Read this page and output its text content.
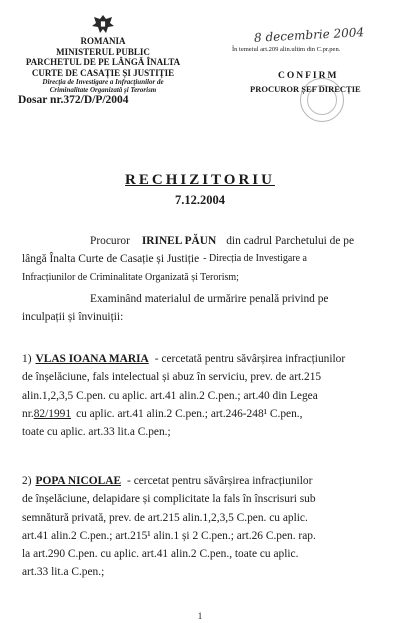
ROMANIA
MINISTERUL PUBLIC
PARCHETUL DE PE LÂNGĂ ÎNALTA
CURTE DE CASAȚIE ȘI JUSTIȚIE
Direcția de Investigare a Infracțiunilor de
Criminalitate Organizată și Terorism
Dosar nr.372/D/P/2004
8 decembrie 2004
În temeiul art.209 alin.ultim din C.pr.pen.
CONFIRM
PROCUROR ȘEF DIRECȚIE
RECHIZITORIU
7.12.2004
Procuror IRINEL PĂUN din cadrul Parchetului de pe
lângă Înalta Curte de Casație și Justiție - Direcția de Investigare a
Infracțiunilor de Criminalitate Organizată și Terorism;
Examinând materialul de urmărire penală privind pe
inculpații și învinuiții:
1) VLAS IOANA MARIA - cercetată pentru săvârșirea infracțiunilor
de înșelăciune, fals intelectual și abuz în serviciu, prev. de art.215
alin.1,2,3,5 C.pen. cu aplic. art.41 alin.2 C.pen.; art.40 din Legea
nr. 82/1991 cu aplic. art.41 alin.2 C.pen.; art.246-248¹ C.pen.,
toate cu aplic. art.33 lit.a C.pen.;
2) POPA NICOLAE - cercetat pentru săvârșirea infracțiunilor
de înșelăciune, delapidare și complicitate la fals în înscrisuri sub
semnătură privată, prev. de art.215 alin.1,2,3,5 C.pen. cu aplic.
art.41 alin.2 C.pen.; art.215¹ alin.1 și 2 C.pen.; art.26 C.pen. rap.
la art.290 C.pen. cu aplic. art.41 alin.2 C.pen., toate cu aplic.
art.33 lit.a C.pen.;
1
